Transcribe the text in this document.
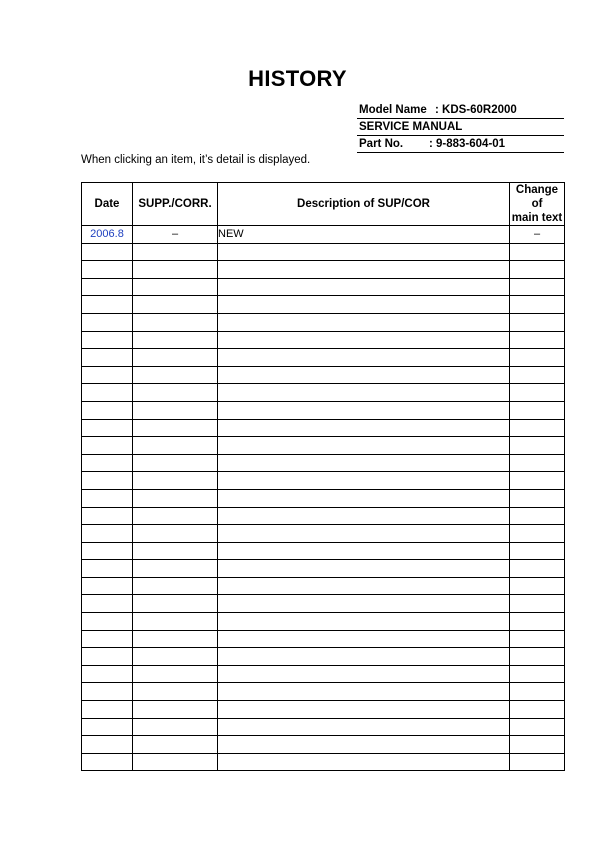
HISTORY
Model Name : KDS-60R2000
SERVICE MANUAL
Part No. : 9-883-604-01
When clicking an item, it’s detail is displayed.
Date	SUPP./CORR.	Description of SUP/COR	Change of
main text
2006.8	–	NEW	–
